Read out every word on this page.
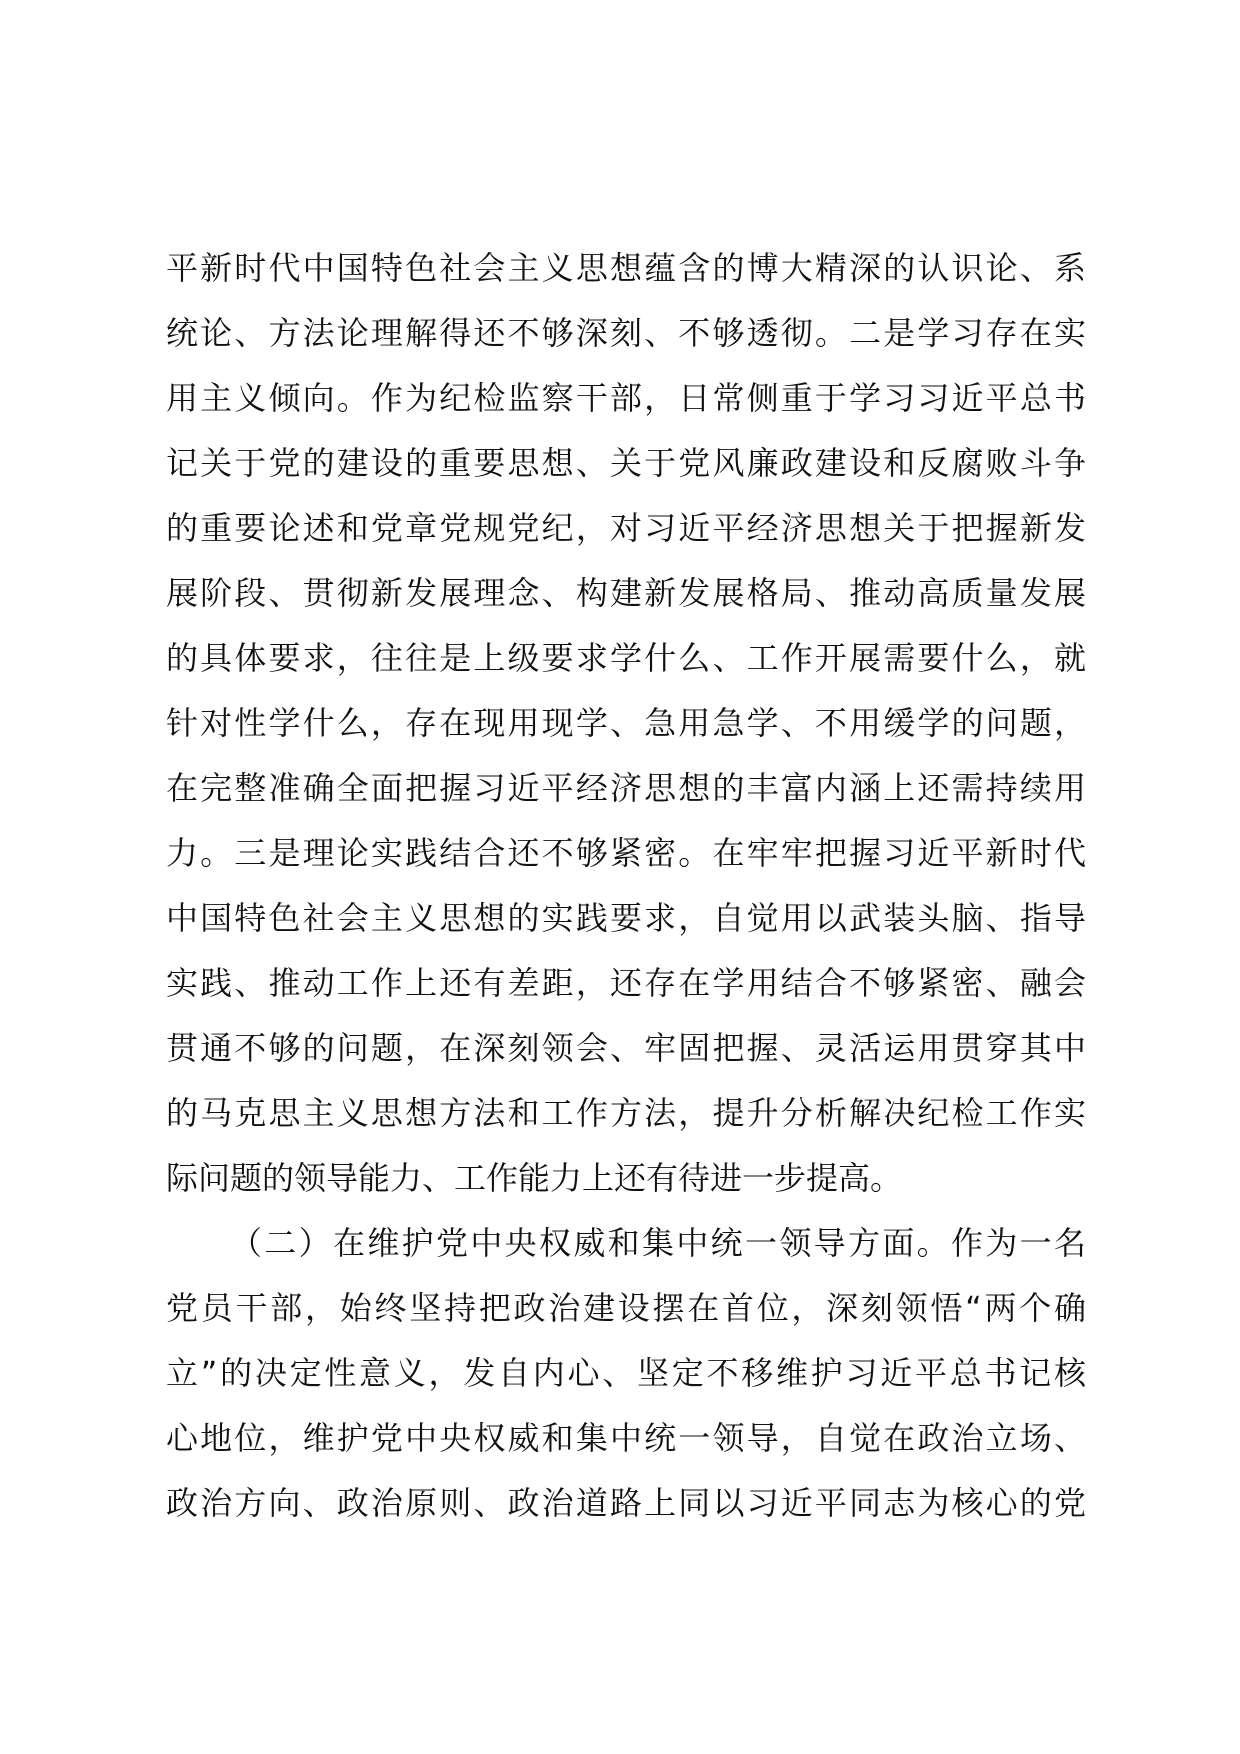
平新时代中国特色社会主义思想蕴含的博大精深的认识论、系
统论、方法论理解得还不够深刻、不够透彻。二是学习存在实
用主义倾向。作为纪检监察干部，日常侧重于学习习近平总书
记关于党的建设的重要思想、关于党风廉政建设和反腐败斗争
的重要论述和党章党规党纪，对习近平经济思想关于把握新发
展阶段、贯彻新发展理念、构建新发展格局、推动高质量发展
的具体要求，往往是上级要求学什么、工作开展需要什么，就
针对性学什么，存在现用现学、急用急学、不用缓学的问题，
在完整准确全面把握习近平经济思想的丰富内涵上还需持续用
力。三是理论实践结合还不够紧密。在牢牢把握习近平新时代
中国特色社会主义思想的实践要求，自觉用以武装头脑、指导
实践、推动工作上还有差距，还存在学用结合不够紧密、融会
贯通不够的问题，在深刻领会、牢固把握、灵活运用贯穿其中
的马克思主义思想方法和工作方法，提升分析解决纪检工作实
际问题的领导能力、工作能力上还有待进一步提高。
（二）在维护党中央权威和集中统一领导方面。作为一名
党员干部，始终坚持把政治建设摆在首位，深刻领悟“两个确
立”的决定性意义，发自内心、坚定不移维护习近平总书记核
心地位，维护党中央权威和集中统一领导，自觉在政治立场、
政治方向、政治原则、政治道路上同以习近平同志为核心的党
